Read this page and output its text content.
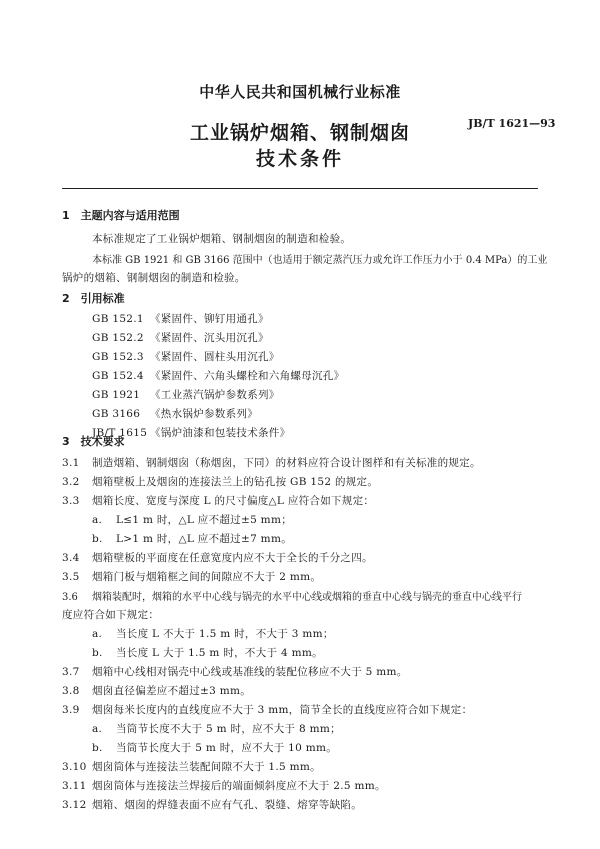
中华人民共和国机械行业标准
工业锅炉烟箱、钢制烟囱
技术条件
JB/T 1621—93
1　主题内容与适用范围
本标准规定了工业锅炉烟箱、钢制烟囱的制造和检验。
本标准 GB 1921 和 GB 3166 范围中（也适用于额定蒸汽压力或允许工作压力小于 0.4 MPa）的工业
锅炉的烟箱、钢制烟囱的制造和检验。
2　引用标准
GB 152.1 《紧固件、铆钉用通孔》
GB 152.2 《紧固件、沉头用沉孔》
GB 152.3 《紧固件、圆柱头用沉孔》
GB 152.4 《紧固件、六角头螺栓和六角螺母沉孔》
GB 1921 《工业蒸汽锅炉参数系列》
GB 3166 《热水锅炉参数系列》
JB/T 1615 《锅炉油漆和包装技术条件》
3　技术要求
3.1 制造烟箱、钢制烟囱（称烟囱，下同）的材料应符合设计图样和有关标准的规定。
3.2 烟箱壁板上及烟囱的连接法兰上的钻孔按 GB 152 的规定。
3.3 烟箱长度、宽度与深度 L 的尺寸偏度△L 应符合如下规定：
a. L≤1 m 时，△L 应不超过±5 mm；
b. L>1 m 时，△L 应不超过±7 mm。
3.4 烟箱壁板的平面度在任意宽度内应不大于全长的千分之四。
3.5 烟箱门板与烟箱框之间的间隙应不大于 2 mm。
3.6 烟箱装配时，烟箱的水平中心线与锅壳的水平中心线或烟箱的垂直中心线与锅壳的垂直中心线平行
度应符合如下规定：
a. 当长度 L 不大于 1.5 m 时，不大于 3 mm；
b. 当长度 L 大于 1.5 m 时，不大于 4 mm。
3.7 烟箱中心线相对锅壳中心线或基准线的装配位移应不大于 5 mm。
3.8 烟囱直径偏差应不超过±3 mm。
3.9 烟囱每米长度内的直线度应不大于 3 mm，筒节全长的直线度应符合如下规定：
a. 当筒节长度不大于 5 m 时，应不大于 8 mm；
b. 当筒节长度大于 5 m 时，应不大于 10 mm。
3.10 烟囱筒体与连接法兰装配间隙不大于 1.5 mm。
3.11 烟囱筒体与连接法兰焊接后的端面倾斜度应不大于 2.5 mm。
3.12 烟箱、烟囱的焊缝表面不应有气孔、裂缝、熔穿等缺陷。
